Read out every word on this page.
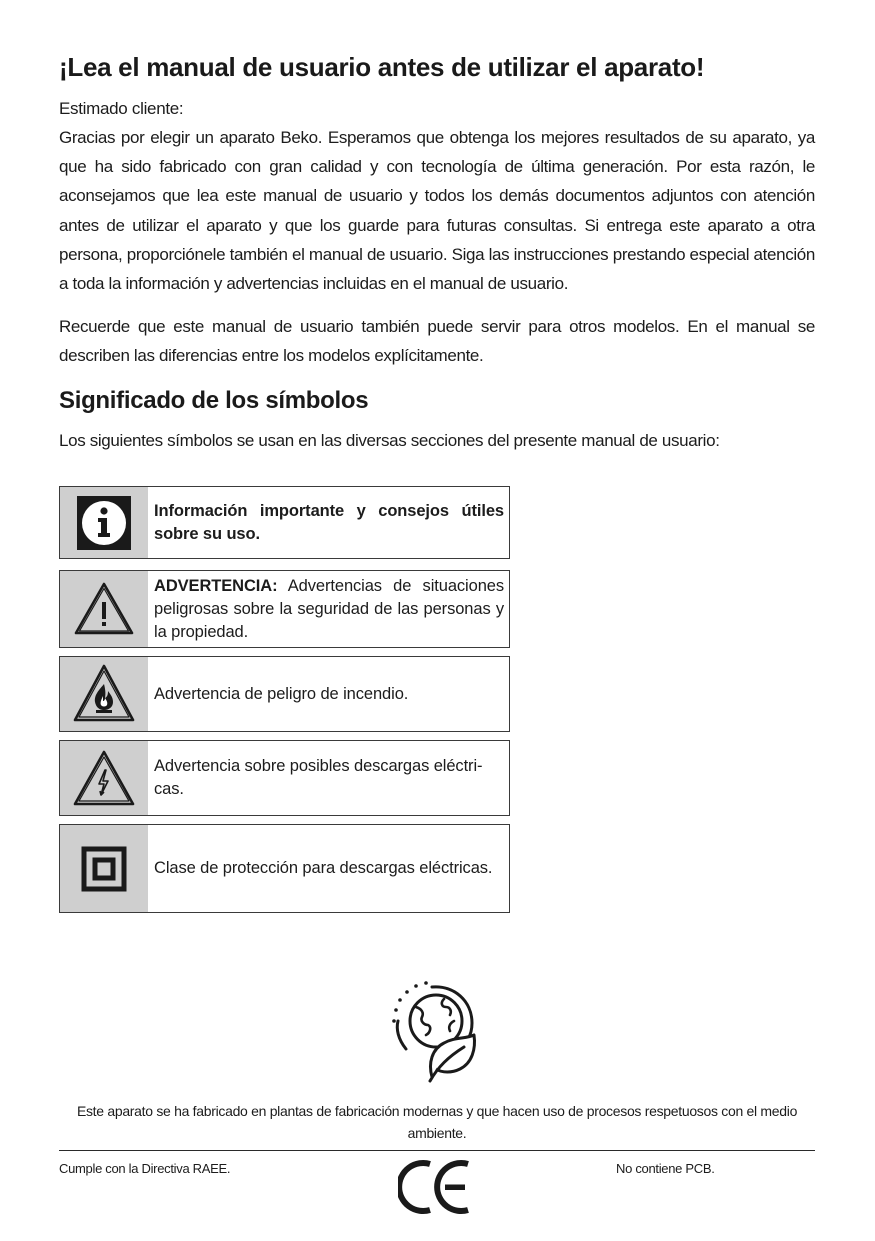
¡Lea el manual de usuario antes de utilizar el aparato!

Estimado cliente:

Gracias por elegir un aparato Beko. Esperamos que obtenga los mejores resultados de su aparato, ya que ha sido fabricado con gran calidad y con tecnología de última generación. Por esta razón, le aconsejamos que lea este manual de usuario y todos los demás documentos adjuntos con atención antes de utilizar el aparato y que los guarde para futuras consultas. Si entrega este aparato a otra persona, proporciónele también el manual de usuario. Siga las instrucciones prestando especial atención a toda la información y advertencias incluidas en el manual de usuario.

Recuerde que este manual de usuario también puede servir para otros modelos. En el manual se describen las diferencias entre los modelos explícitamente.

Significado de los símbolos

Los siguientes símbolos se usan en las diversas secciones del presente manual de usuario:

Información importante y consejos útiles sobre su uso.
ADVERTENCIA: Advertencias de situaciones peligrosas sobre la seguridad de las personas y la propiedad.
Advertencia de peligro de incendio.
Advertencia sobre posibles descargas eléctri-cas.
Clase de protección para descargas eléctricas.

Este aparato se ha fabricado en plantas de fabricación modernas y que hacen uso de procesos respetuosos con el medio ambiente.

Cumple con la Directiva RAEE.	No contiene PCB.
